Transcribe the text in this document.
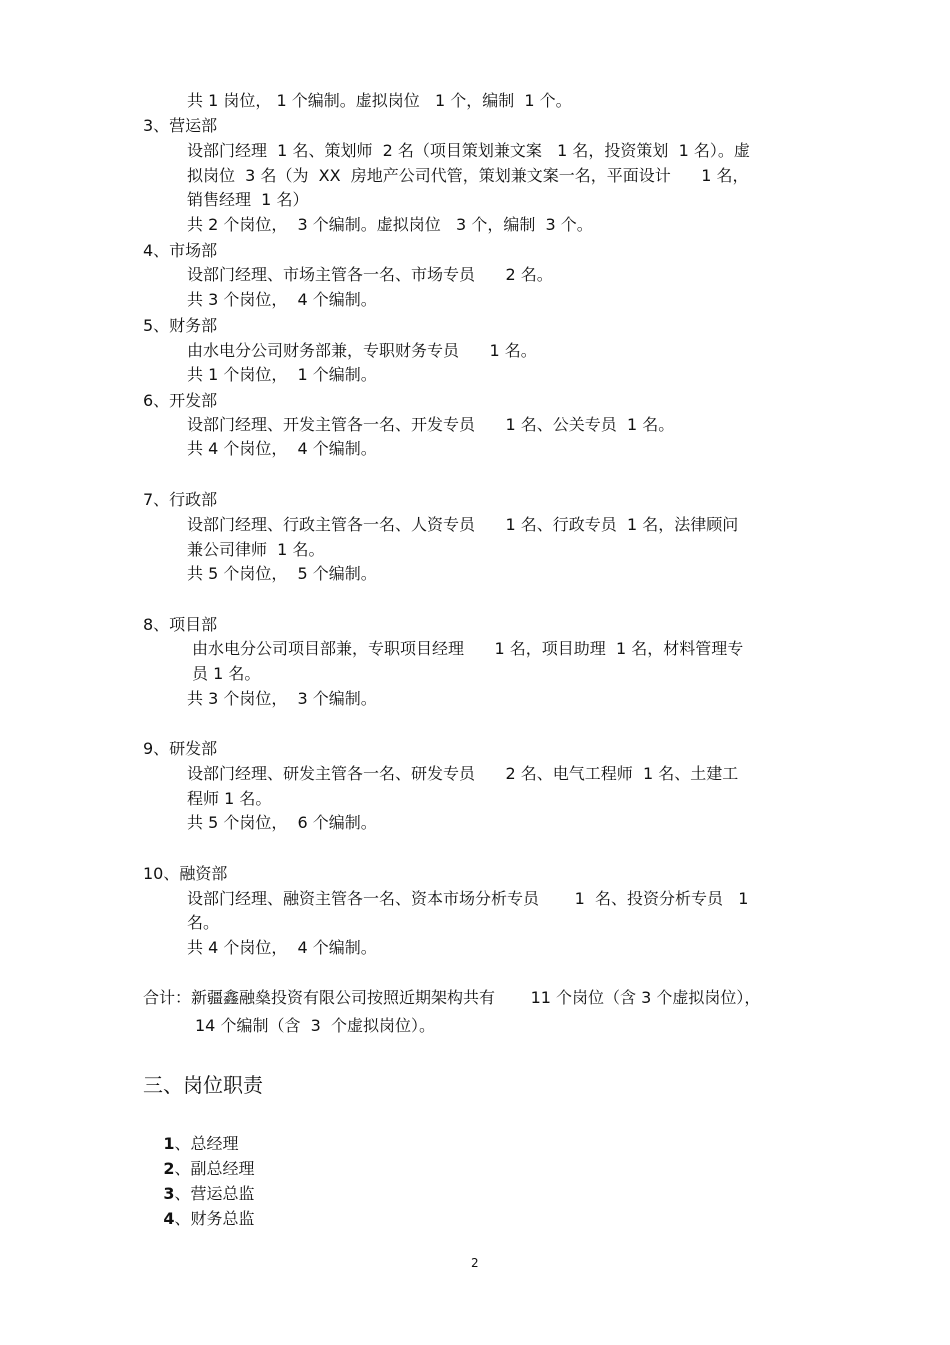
共 1 岗位， 1 个编制。虚拟岗位   1 个，编制  1 个。
3、营运部
设部门经理  1 名、策划师  2 名（项目策划兼文案   1 名，投资策划  1 名）。虚
拟岗位  3 名（为  XX  房地产公司代管，策划兼文案一名，平面设计      1 名，
销售经理  1 名）
共 2 个岗位，  3 个编制。虚拟岗位   3 个，编制  3 个。
4、市场部
设部门经理、市场主管各一名、市场专员      2 名。
共 3 个岗位，  4 个编制。
5、财务部
由水电分公司财务部兼，专职财务专员      1 名。
共 1 个岗位，  1 个编制。
6、开发部
设部门经理、开发主管各一名、开发专员      1 名、公关专员  1 名。
共 4 个岗位，  4 个编制。
7、行政部
设部门经理、行政主管各一名、人资专员      1 名、行政专员  1 名，法律顾问
兼公司律师  1 名。
共 5 个岗位，  5 个编制。
8、项目部
由水电分公司项目部兼，专职项目经理      1 名，项目助理  1 名，材料管理专
员 1 名。
共 3 个岗位，  3 个编制。
9、研发部
设部门经理、研发主管各一名、研发专员      2 名、电气工程师  1 名、土建工
程师 1 名。
共 5 个岗位，  6 个编制。
10、融资部
设部门经理、融资主管各一名、资本市场分析专员       1  名、投资分析专员   1
名。
共 4 个岗位，  4 个编制。
合计：新疆鑫融燊投资有限公司按照近期架构共有       11 个岗位（含 3 个虚拟岗位），
14 个编制（含  3  个虚拟岗位）。
三、岗位职责

1、总经理

2、副总经理

3、营运总监

4、财务总监

2
